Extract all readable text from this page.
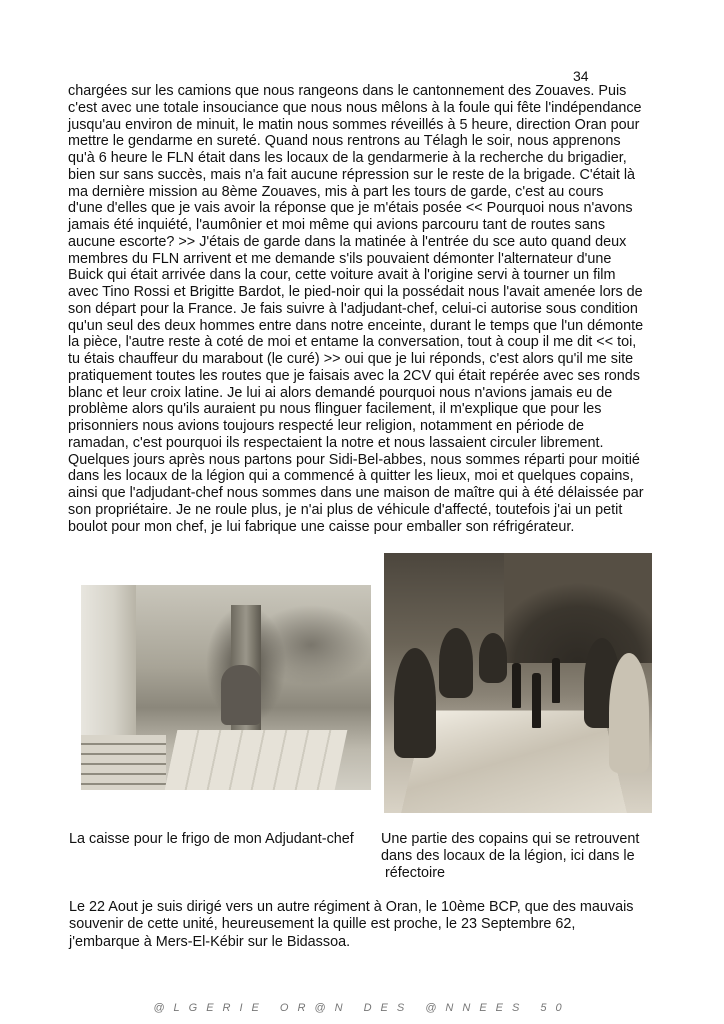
34
chargées sur les camions que nous rangeons dans le cantonnement des Zouaves. Puis
c'est avec une totale insouciance que nous nous mêlons à la foule qui fête l'indépendance
jusqu'au environ de minuit, le matin nous sommes réveillés à 5 heure, direction Oran pour
mettre le gendarme en sureté. Quand nous rentrons au Télagh le soir, nous apprenons
qu'à 6 heure le FLN était dans les locaux de la gendarmerie à la recherche du brigadier,
bien sur sans succès, mais n'a fait aucune répression sur le reste de la brigade. C'était là
ma dernière mission au 8ème Zouaves, mis à part les tours de garde, c'est au cours
d'une d'elles que je vais avoir la réponse que je m'étais posée << Pourquoi nous n'avons
jamais été inquiété, l'aumônier et moi même qui avions parcouru tant de routes sans
aucune escorte? >> J'étais de garde dans la matinée à l'entrée du sce auto quand deux
membres du FLN arrivent et me demande s'ils pouvaient démonter l'alternateur d'une
Buick qui était arrivée dans la cour, cette voiture avait à l'origine servi à tourner un film
avec Tino Rossi et Brigitte Bardot, le pied-noir qui la possédait nous l'avait amenée lors de
son départ pour la France. Je fais suivre à l'adjudant-chef, celui-ci autorise sous condition
qu'un seul des deux hommes entre dans notre enceinte, durant le temps que l'un démonte
la pièce, l'autre reste à coté de moi et entame la conversation, tout à coup il me dit << toi,
tu étais chauffeur du marabout (le curé) >> oui que je lui réponds, c'est alors qu'il me site
pratiquement toutes les routes que je faisais avec la 2CV qui était repérée avec ses ronds
blanc et leur croix latine. Je lui ai alors demandé pourquoi nous n'avions jamais eu de
problème alors qu'ils auraient pu nous flinguer facilement, il m'explique que pour les
prisonniers nous avions toujours respecté leur religion, notamment en période de
ramadan, c'est pourquoi ils respectaient la notre et nous lassaient circuler librement.
Quelques jours après nous partons pour Sidi-Bel-abbes, nous sommes réparti pour moitié
dans les locaux de la légion qui a commencé à quitter les lieux, moi et quelques copains,
ainsi que l'adjudant-chef nous sommes dans une maison de maître qui à été délaissée par
son propriétaire. Je ne roule plus, je n'ai plus de véhicule d'affecté, toutefois j'ai un petit
boulot pour mon chef, je lui fabrique une caisse pour emballer son réfrigérateur.
La caisse pour le frigo de mon Adjudant-chef Une partie des copains qui se retrouvent
dans des locaux de la légion, ici dans le
réfectoire
Le 22 Aout je suis dirigé vers un autre régiment à Oran, le 10ème BCP, que des mauvais
souvenir de cette unité, heureusement la quille est proche, le 23 Septembre 62,
j'embarque à Mers-El-Kébir sur le Bidassoa.
@LGERIE OR@N DES @NNEES 50
